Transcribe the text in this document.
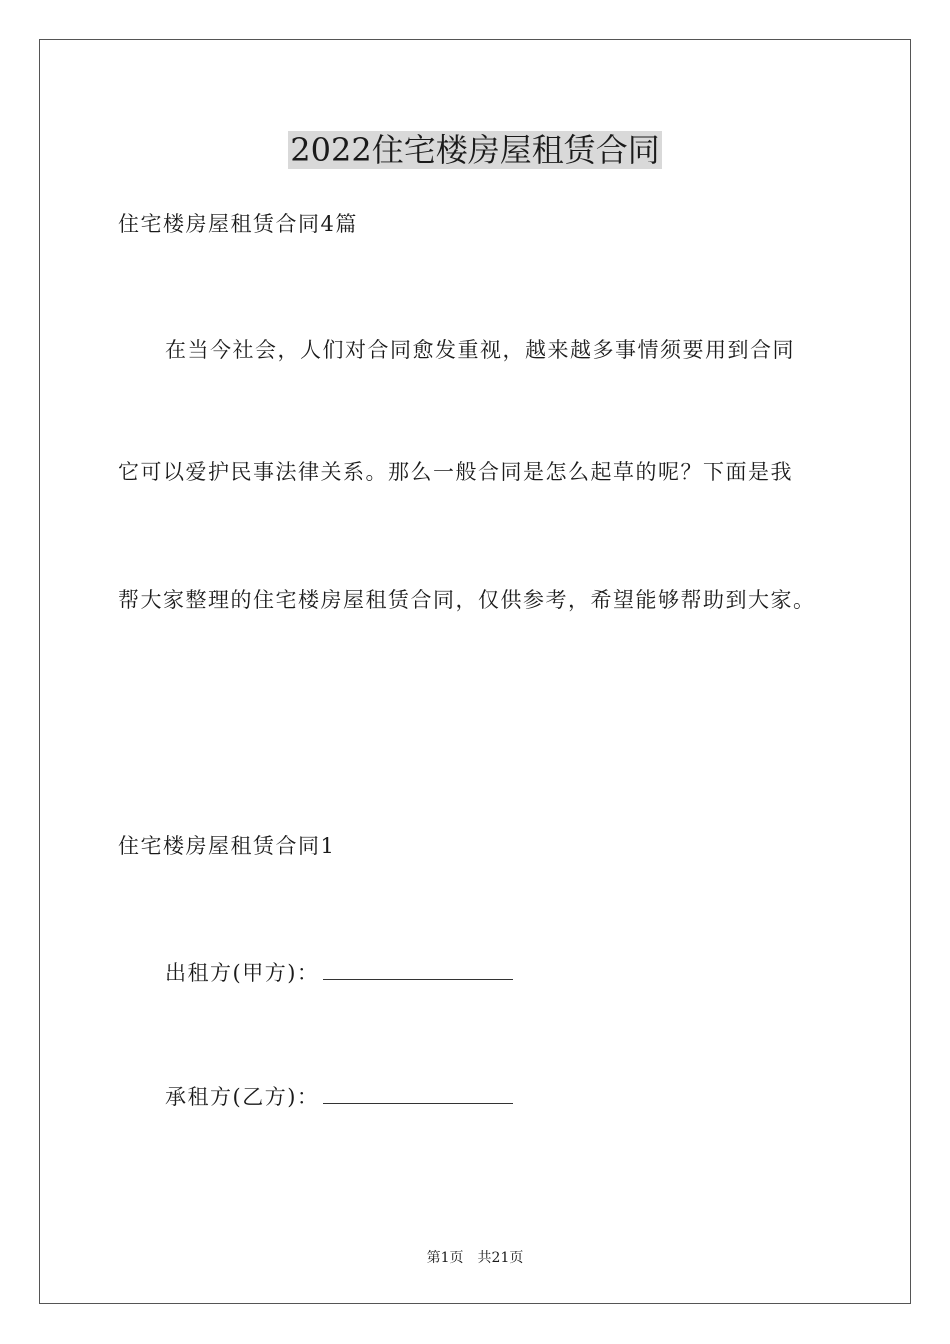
2022住宅楼房屋租赁合同
住宅楼房屋租赁合同4篇
在当今社会，人们对合同愈发重视，越来越多事情须要用到合同
它可以爱护民事法律关系。那么一般合同是怎么起草的呢？下面是我
帮大家整理的住宅楼房屋租赁合同，仅供参考，希望能够帮助到大家。
住宅楼房屋租赁合同1
出租方(甲方)：
承租方(乙方)：
第1页　共21页
